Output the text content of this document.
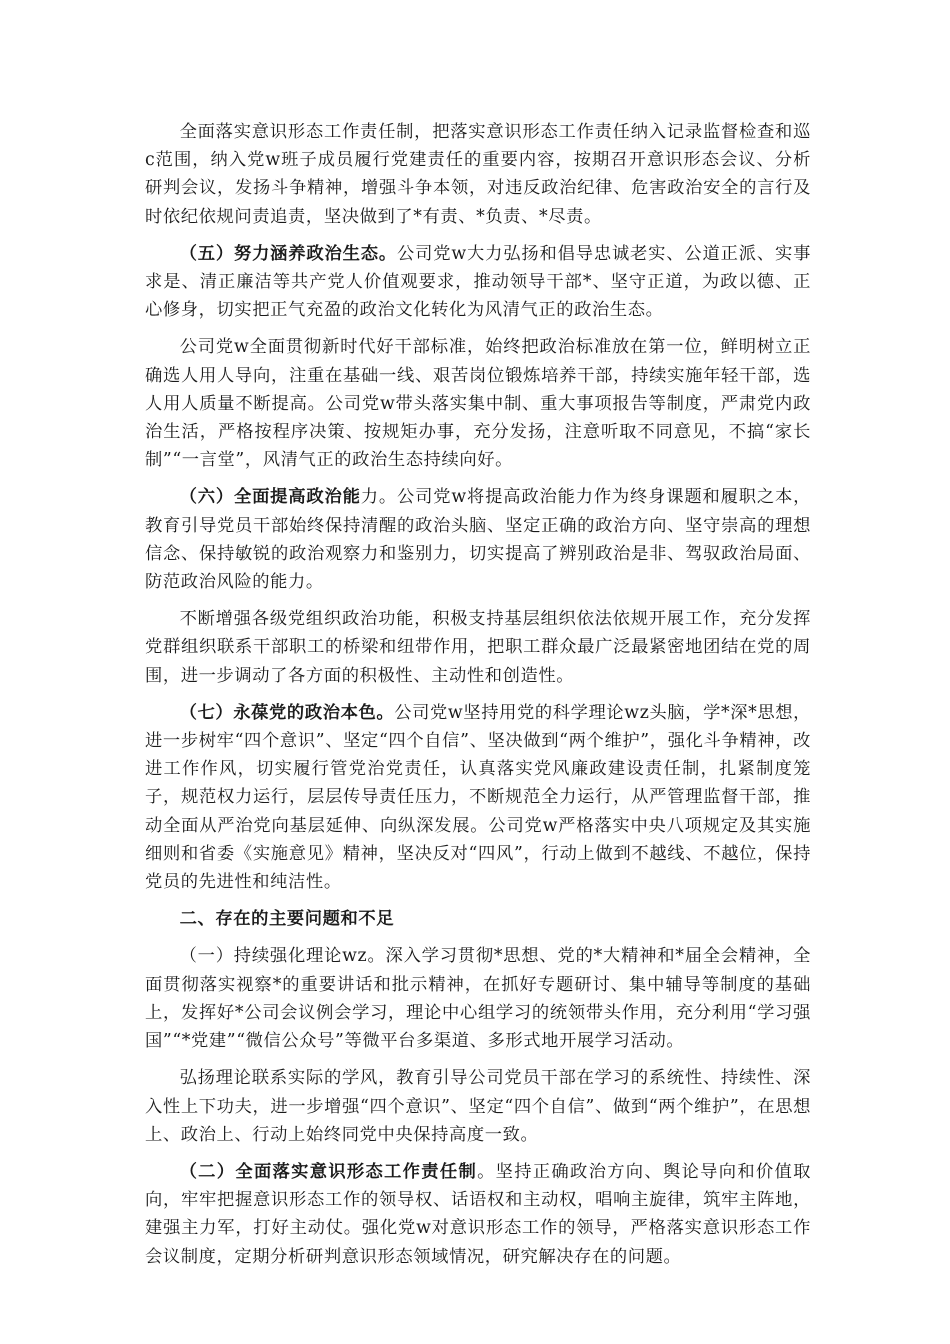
全面落实意识形态工作责任制，把落实意识形态工作责任纳入记录监督检查和巡c范围，纳入党w班子成员履行党建责任的重要内容，按期召开意识形态会议、分析研判会议，发扬斗争精神，增强斗争本领，对违反政治纪律、危害政治安全的言行及时依纪依规问责追责，坚决做到了*有责、*负责、*尽责。

（五）努力涵养政治生态。公司党w大力弘扬和倡导忠诚老实、公道正派、实事求是、清正廉洁等共产党人价值观要求，推动领导干部*、坚守正道，为政以德、正心修身，切实把正气充盈的政治文化转化为风清气正的政治生态。

公司党w全面贯彻新时代好干部标准，始终把政治标准放在第一位，鲜明树立正确选人用人导向，注重在基础一线、艰苦岗位锻炼培养干部，持续实施年轻干部，选人用人质量不断提高。公司党w带头落实集中制、重大事项报告等制度，严肃党内政治生活，严格按程序决策、按规矩办事，充分发扬，注意听取不同意见，不搞“家长制”“一言堂”，风清气正的政治生态持续向好。

（六）全面提高政治能力。公司党w将提高政治能力作为终身课题和履职之本，教育引导党员干部始终保持清醒的政治头脑、坚定正确的政治方向、坚守崇高的理想信念、保持敏锐的政治观察力和鉴别力，切实提高了辨别政治是非、驾驭政治局面、防范政治风险的能力。

不断增强各级党组织政治功能，积极支持基层组织依法依规开展工作，充分发挥党群组织联系干部职工的桥梁和纽带作用，把职工群众最广泛最紧密地团结在党的周围，进一步调动了各方面的积极性、主动性和创造性。

（七）永葆党的政治本色。公司党w坚持用党的科学理论wz头脑，学*深*思想，进一步树牢“四个意识”、坚定“四个自信”、坚决做到“两个维护”，强化斗争精神，改进工作作风，切实履行管党治党责任，认真落实党风廉政建设责任制，扎紧制度笼子，规范权力运行，层层传导责任压力，不断规范全力运行，从严管理监督干部，推动全面从严治党向基层延伸、向纵深发展。公司党w严格落实中央八项规定及其实施细则和省委《实施意见》精神，坚决反对“四风”，行动上做到不越线、不越位，保持党员的先进性和纯洁性。

二、存在的主要问题和不足

（一）持续强化理论wz。深入学习贯彻*思想、党的*大精神和*届全会精神，全面贯彻落实视察*的重要讲话和批示精神，在抓好专题研讨、集中辅导等制度的基础上，发挥好*公司会议例会学习，理论中心组学习的统领带头作用，充分利用“学习强国”“*党建”“微信公众号”等微平台多渠道、多形式地开展学习活动。

弘扬理论联系实际的学风，教育引导公司党员干部在学习的系统性、持续性、深入性上下功夫，进一步增强“四个意识”、坚定“四个自信”、做到“两个维护”，在思想上、政治上、行动上始终同党中央保持高度一致。

（二）全面落实意识形态工作责任制。坚持正确政治方向、舆论导向和价值取向，牢牢把握意识形态工作的领导权、话语权和主动权，唱响主旋律，筑牢主阵地，建强主力军，打好主动仗。强化党w对意识形态工作的领导，严格落实意识形态工作会议制度，定期分析研判意识形态领域情况，研究解决存在的问题。
